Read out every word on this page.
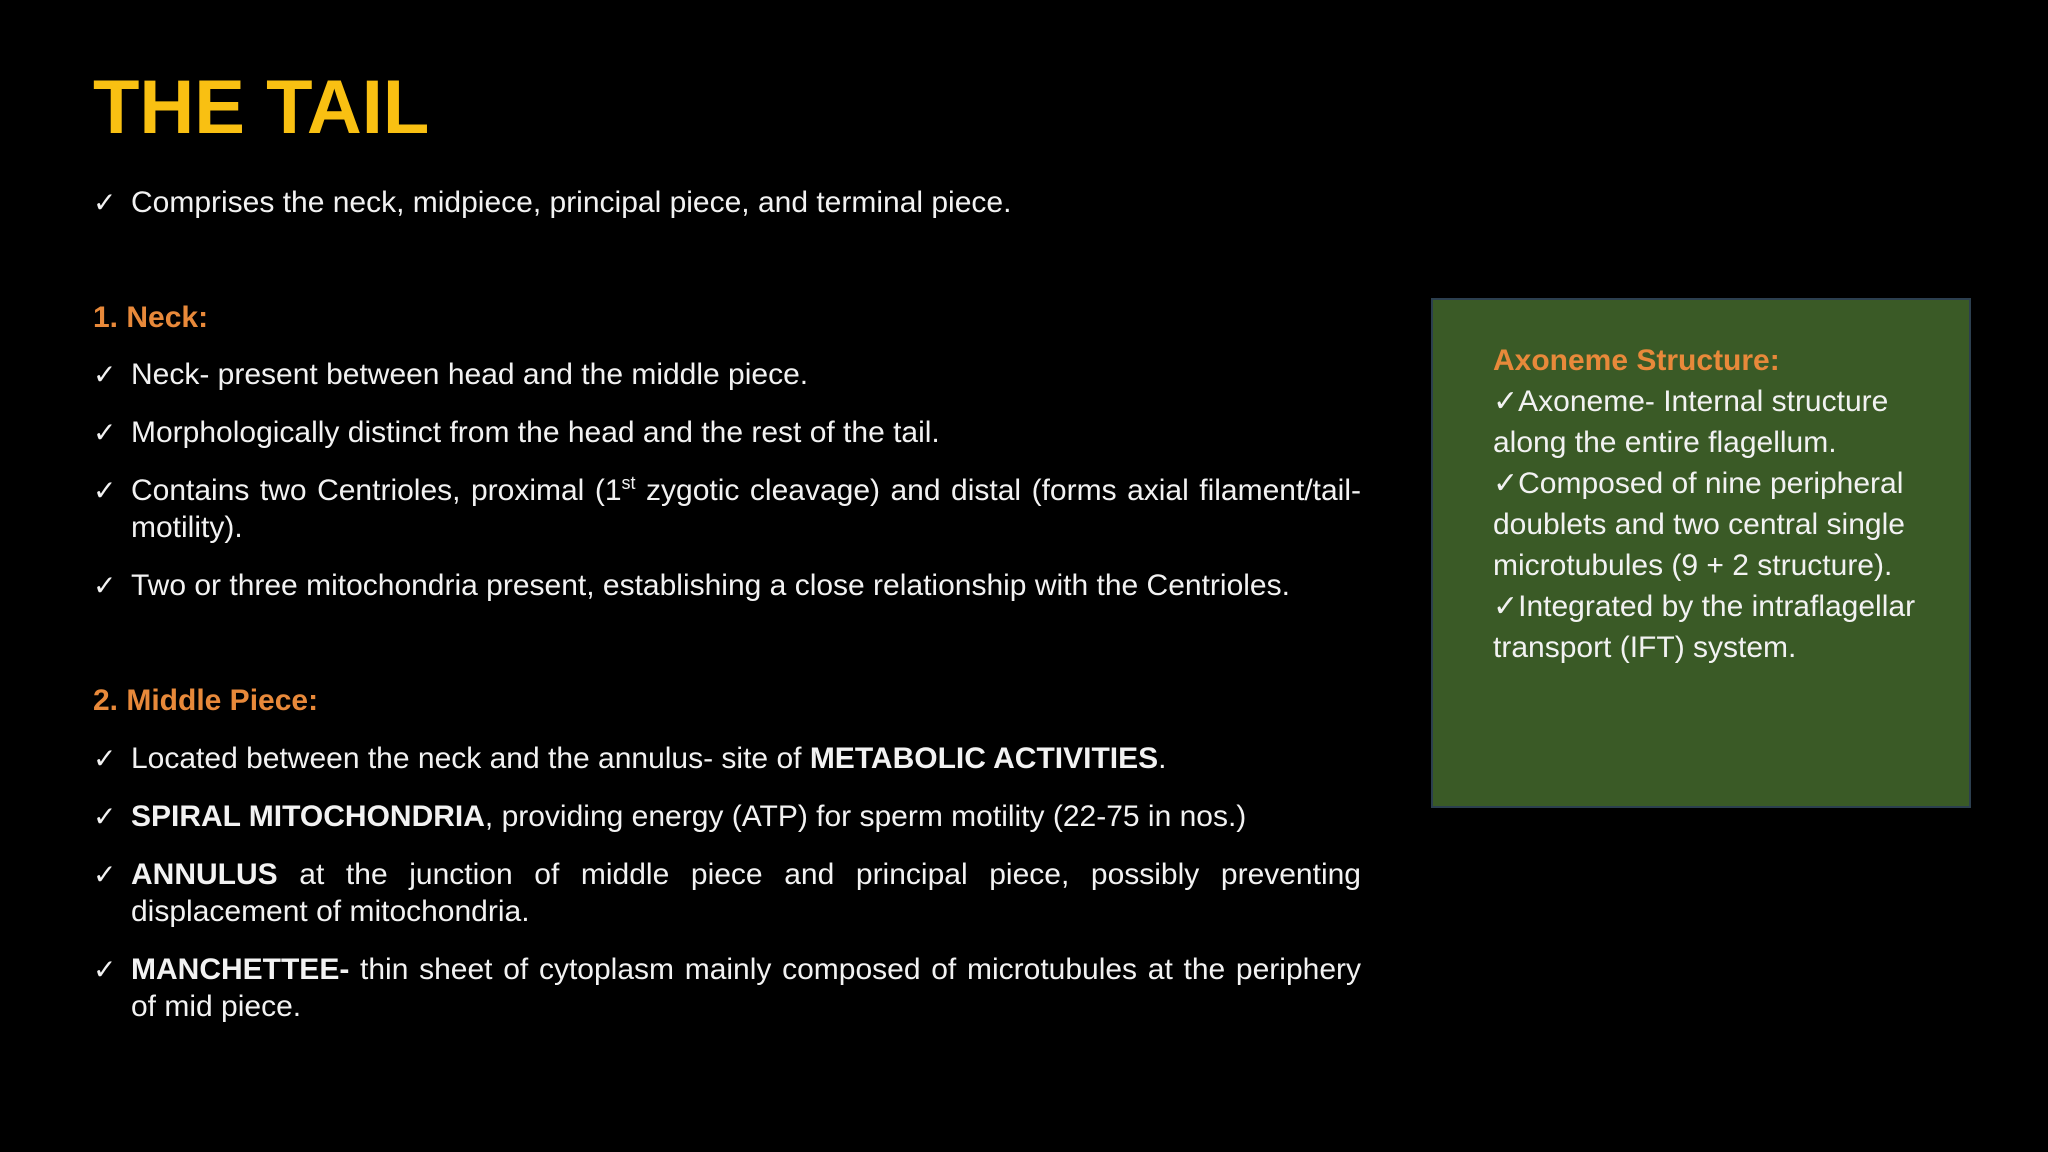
THE TAIL

✓ Comprises the neck, midpiece, principal piece, and terminal piece.

1. Neck:

✓ Neck- present between head and the middle piece.

✓ Morphologically distinct from the head and the rest of the tail.

✓ Contains two Centrioles, proximal (1st zygotic cleavage) and distal (forms axial filament/tail-motility).

✓ Two or three mitochondria present, establishing a close relationship with the Centrioles.

2. Middle Piece:

✓ Located between the neck and the annulus- site of METABOLIC ACTIVITIES.

✓ SPIRAL MITOCHONDRIA, providing energy (ATP) for sperm motility (22-75 in nos.)

✓ ANNULUS at the junction of middle piece and principal piece, possibly preventing displacement of mitochondria.

✓ MANCHETTEE- thin sheet of cytoplasm mainly composed of microtubules at the periphery of mid piece.

Axoneme Structure:
✓Axoneme- Internal structure along the entire flagellum.
✓Composed of nine peripheral doublets and two central single microtubules (9 + 2 structure).
✓Integrated by the intraflagellar transport (IFT) system.
